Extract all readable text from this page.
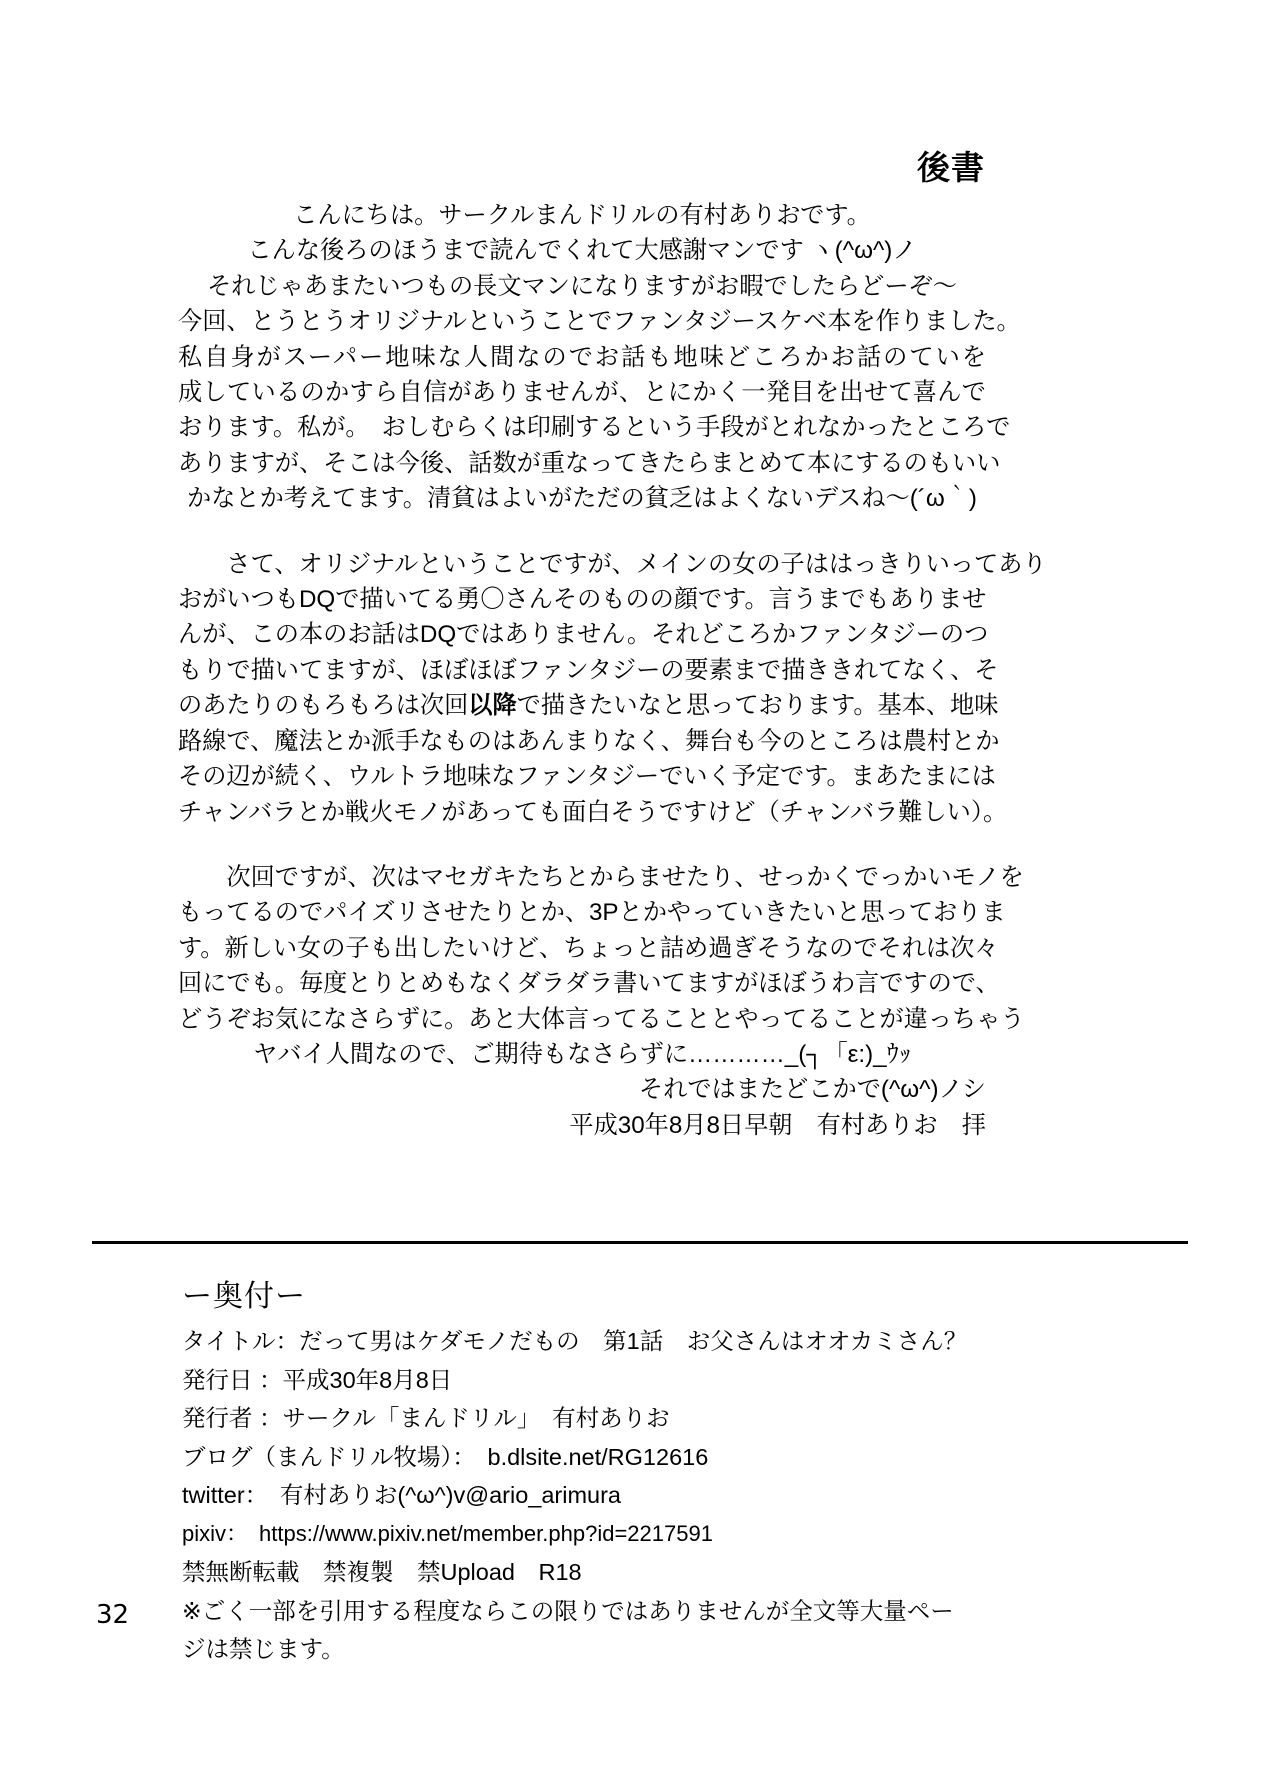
後書
こんにちは。サークルまんドリルの有村ありおです。
こんな後ろのほうまで読んでくれて大感謝マンです ヽ(^ω^)ノ
それじゃあまたいつもの長文マンになりますがお暇でしたらどーぞ～
今回、とうとうオリジナルということでファンタジースケベ本を作りました。
私自身がスーパー地味な人間なのでお話も地味どころかお話のていを
成しているのかすら自信がありませんが、とにかく一発目を出せて喜んで
おります。私が。　おしむらくは印刷するという手段がとれなかったところで
ありますが、そこは今後、話数が重なってきたらまとめて本にするのもいい
かなとか考えてます。清貧はよいがただの貧乏はよくないデスね～(´ω｀)
　　さて、オリジナルということですが、メインの女の子ははっきりいってあり
おがいつもDQで描いてる勇〇さんそのものの顔です。言うまでもありませ
んが、この本のお話はDQではありません。それどころかファンタジーのつ
もりで描いてますが、ほぼほぼファンタジーの要素まで描ききれてなく、そ
のあたりのもろもろは次回以降で描きたいなと思っております。基本、地味
路線で、魔法とか派手なものはあんまりなく、舞台も今のところは農村とか
その辺が続く、ウルトラ地味なファンタジーでいく予定です。まあたまには
チャンバラとか戦火モノがあっても面白そうですけど（チャンバラ難しい）。
　　次回ですが、次はマセガキたちとからませたり、せっかくでっかいモノを
もってるのでパイズリさせたりとか、3Pとかやっていきたいと思っておりま
す。新しい女の子も出したいけど、ちょっと詰め過ぎそうなのでそれは次々
回にでも。毎度とりとめもなくダラダラ書いてますがほぼうわ言ですので、
どうぞお気になさらずに。あと大体言ってることとやってることが違っちゃう
ヤバイ人間なので、ご期待もなさらずに…………_(┐「ε:)_ｳｯ
それではまたどこかで(^ω^)ノシ
平成30年8月8日早朝　有村ありお　拝
ー奥付ー
タイトル：だって男はケダモノだもの　第1話　お父さんはオオカミさん？
発行日 ：平成30年8月8日
発行者 ：サークル「まんドリル」　有村ありお
ブログ（まんドリル牧場）：　b.dlsite.net/RG12616
twitter：　有村ありお(^ω^)v@ario_arimura
pixiv：　https://www.pixiv.net/member.php?id=2217591
禁無断転載　禁複製　禁Upload　R18
※ごく一部を引用する程度ならこの限りではありませんが全文等大量ペー
ジは禁じます。
32
